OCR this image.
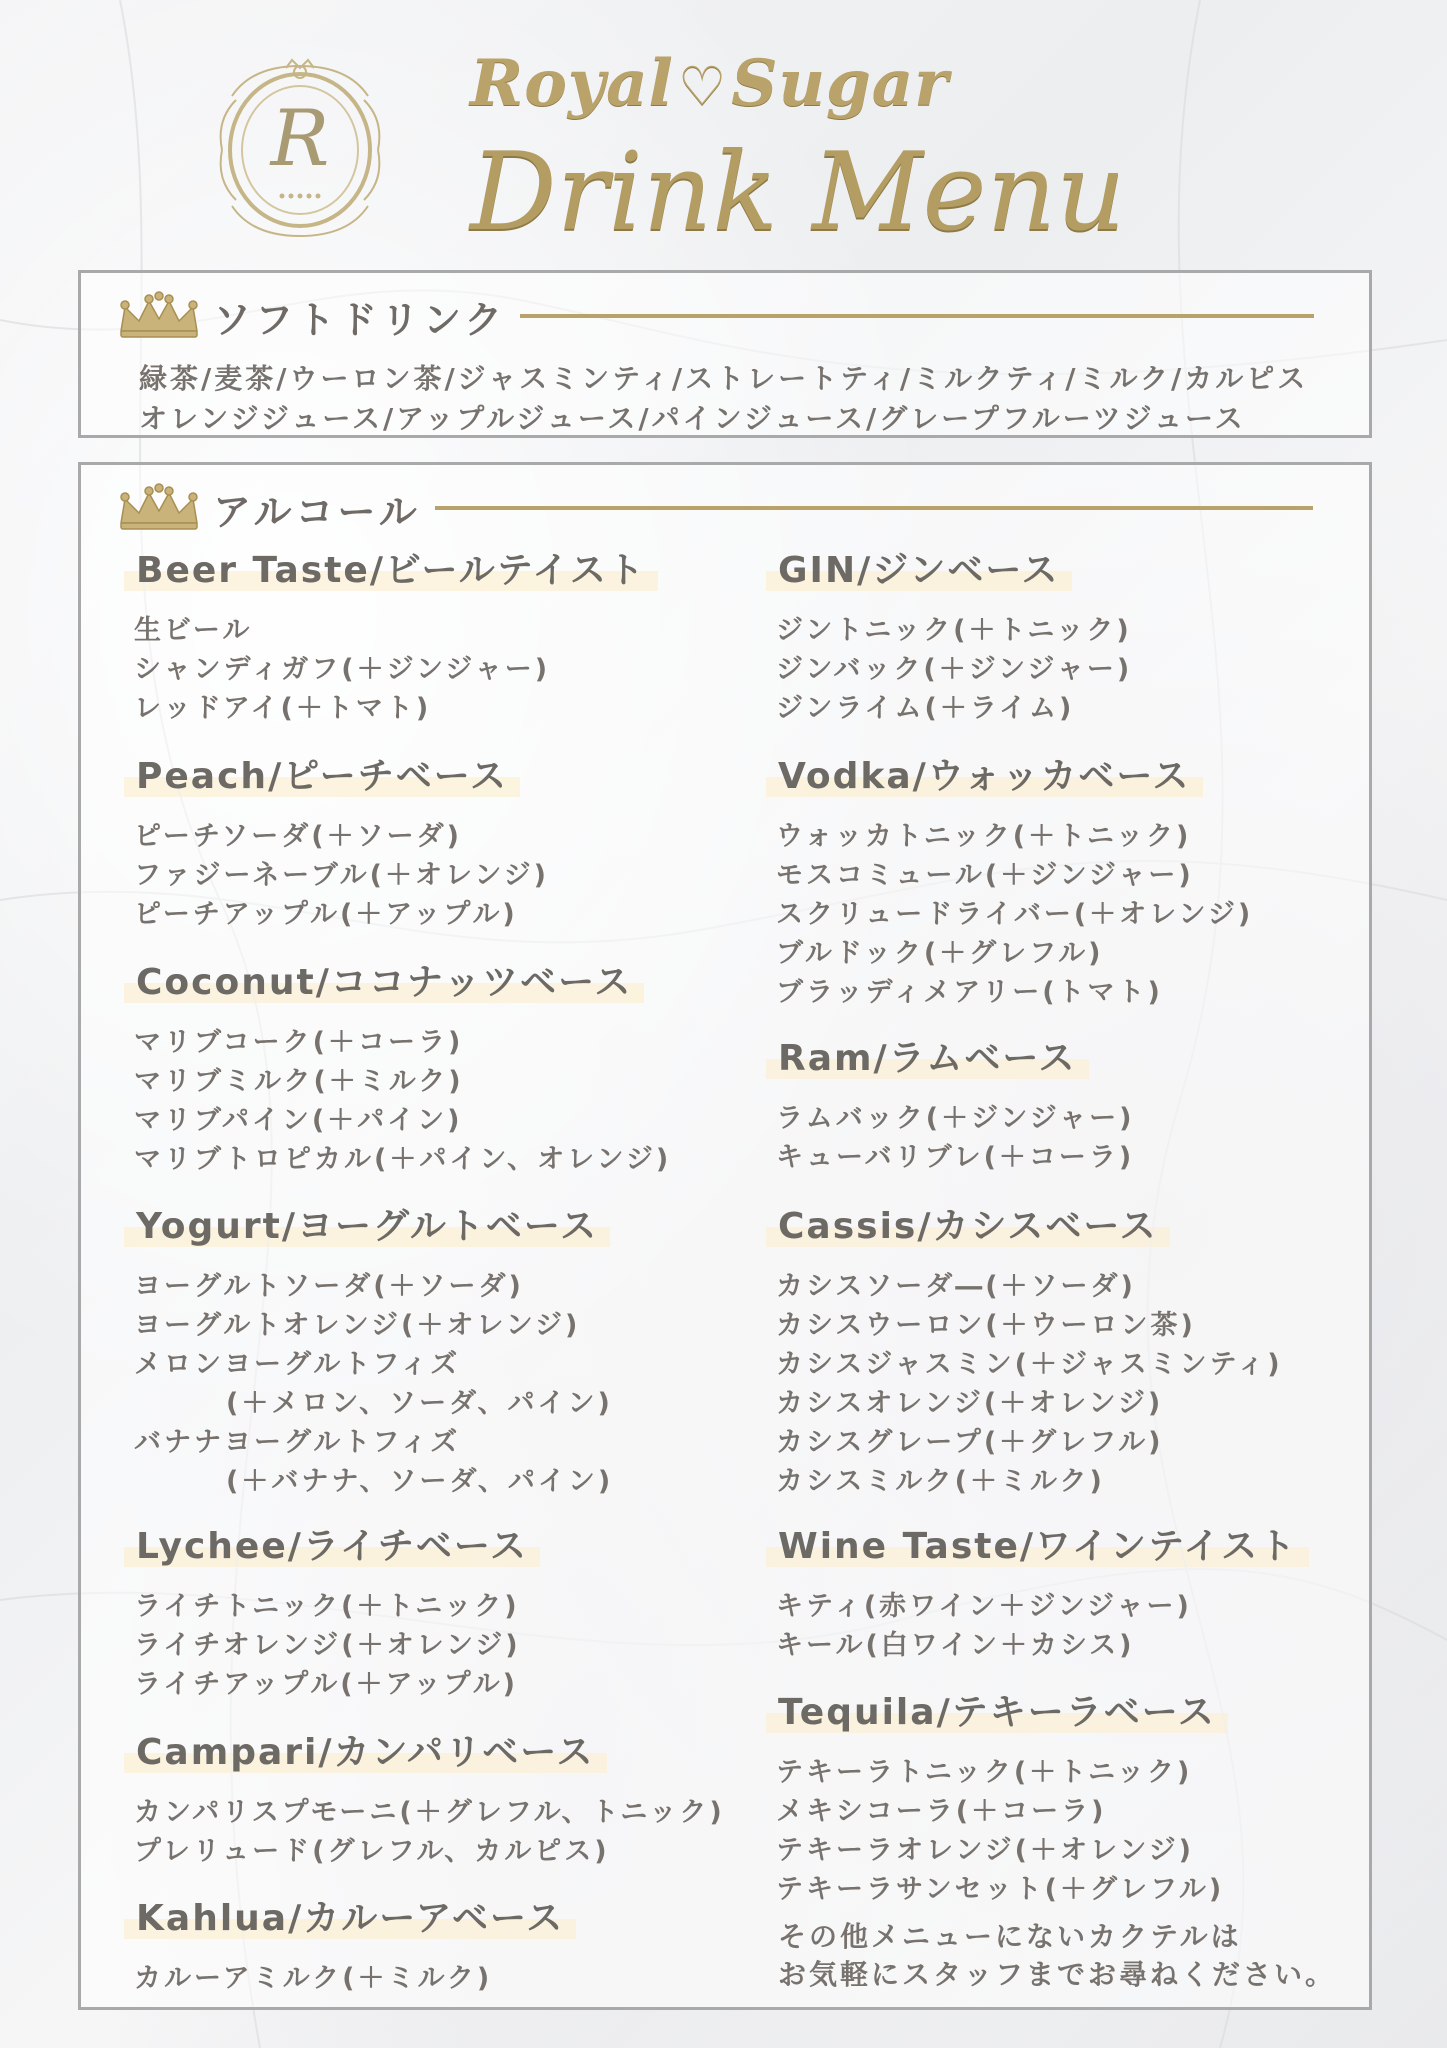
R
Royal♡Sugar
Drink Menu
ソフトドリンク
緑茶/麦茶/ウーロン茶/ジャスミンティ/ストレートティ/ミルクティ/ミルク/カルピス
オレンジジュース/アップルジュース/パインジュース/グレープフルーツジュース
アルコール
Beer Taste/ビールテイスト
生ビール
シャンディガフ(＋ジンジャー)
レッドアイ(＋トマト)
Peach/ピーチベース
ピーチソーダ(＋ソーダ)
ファジーネーブル(＋オレンジ)
ピーチアップル(＋アップル)
Coconut/ココナッツベース
マリブコーク(＋コーラ)
マリブミルク(＋ミルク)
マリブパイン(＋パイン)
マリブトロピカル(＋パイン、オレンジ)
Yogurt/ヨーグルトベース
ヨーグルトソーダ(＋ソーダ)
ヨーグルトオレンジ(＋オレンジ)
メロンヨーグルトフィズ
(＋メロン、ソーダ、パイン)
バナナヨーグルトフィズ
(＋バナナ、ソーダ、パイン)
Lychee/ライチベース
ライチトニック(＋トニック)
ライチオレンジ(＋オレンジ)
ライチアップル(＋アップル)
Campari/カンパリベース
カンパリスプモーニ(＋グレフル、トニック)
プレリュード(グレフル、カルピス)
Kahlua/カルーアベース
カルーアミルク(＋ミルク)
GIN/ジンベース
ジントニック(＋トニック)
ジンバック(＋ジンジャー)
ジンライム(＋ライム)
Vodka/ウォッカベース
ウォッカトニック(＋トニック)
モスコミュール(＋ジンジャー)
スクリュードライバー(＋オレンジ)
ブルドック(＋グレフル)
ブラッディメアリー(トマト)
Ram/ラムベース
ラムバック(＋ジンジャー)
キューバリブレ(＋コーラ)
Cassis/カシスベース
カシスソーダ―(＋ソーダ)
カシスウーロン(＋ウーロン茶)
カシスジャスミン(＋ジャスミンティ)
カシスオレンジ(＋オレンジ)
カシスグレープ(＋グレフル)
カシスミルク(＋ミルク)
Wine Taste/ワインテイスト
キティ(赤ワイン＋ジンジャー)
キール(白ワイン＋カシス)
Tequila/テキーラベース
テキーラトニック(＋トニック)
メキシコーラ(＋コーラ)
テキーラオレンジ(＋オレンジ)
テキーラサンセット(＋グレフル)
その他メニューにないカクテルは
お気軽にスタッフまでお尋ねください。
